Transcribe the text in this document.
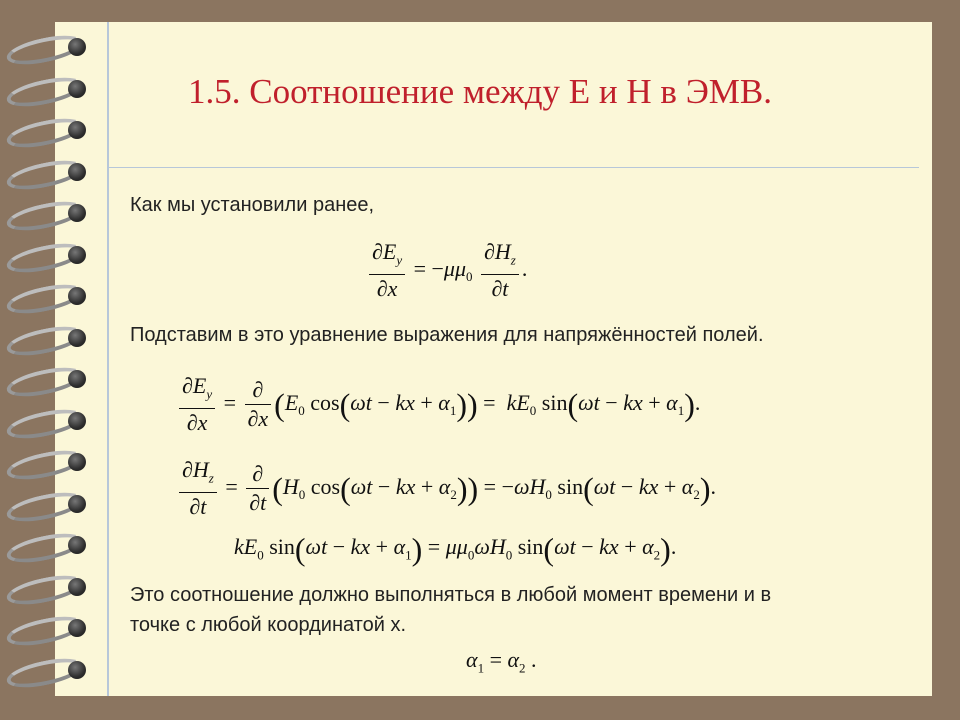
1.5. Соотношение между Е и Н в ЭМВ.
Как мы установили ранее,
$\frac{\partial E_y}{\partial x} = -\mu\mu_0 \frac{\partial H_z}{\partial t}$ .
Подставим в это уравнение выражения для напряжённостей полей.
$\frac{\partial E_y}{\partial x} = \frac{\partial}{\partial x} (E_0$ cos(ωt − kx + $\alpha_1)) = kE_0$ sin(ωt − kx + $\alpha_1$).
$\frac{\partial H_z}{\partial t} = \frac{\partial}{\partial t} (H_0$ cos(ωt − kx + $\alpha_2)) = -\omega H_0$ sin(ωt − kx + $\alpha_2$).
$kE_0$ sin(ωt − kx + $\alpha_1) = \mu\mu_0\omega H_0$ sin(ωt − kx + $\alpha_2$).
Это соотношение должно выполняться в любой момент времени и в
точке с любой координатой х.
$\alpha_1 = \alpha_2$ .
